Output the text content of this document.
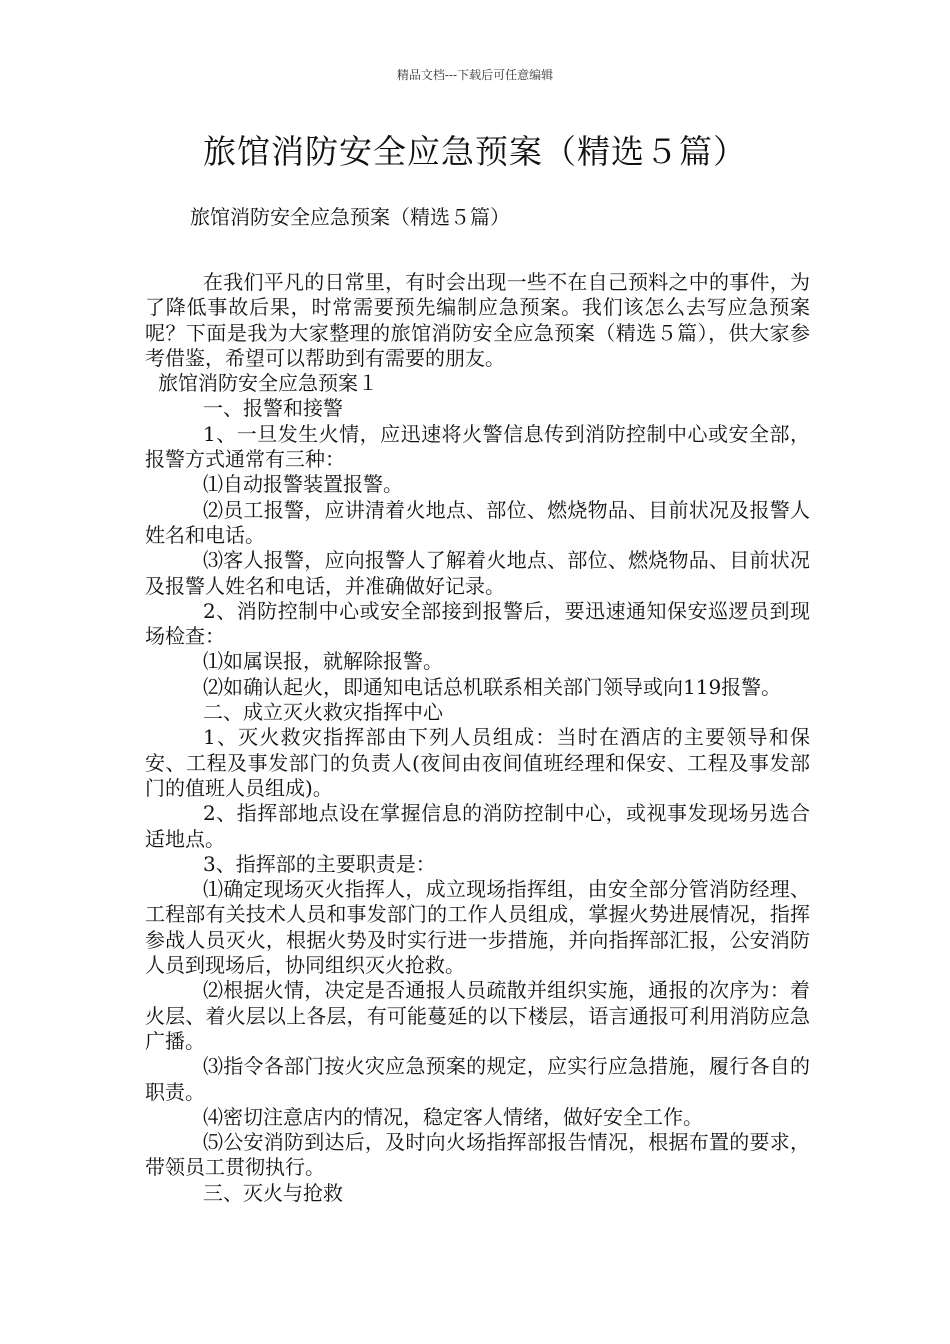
精品文档---下载后可任意编辑
旅馆消防安全应急预案（精选５篇）
旅馆消防安全应急预案（精选５篇）

在我们平凡的日常里，有时会出现一些不在自己预料之中的事件，为了降低事故后果，时常需要预先编制应急预案。我们该怎么去写应急预案呢？下面是我为大家整理的旅馆消防安全应急预案（精选５篇），供大家参考借鉴，希望可以帮助到有需要的朋友。

旅馆消防安全应急预案１

一、报警和接警

1、一旦发生火情，应迅速将火警信息传到消防控制中心或安全部，报警方式通常有三种：

⑴自动报警装置报警。

⑵员工报警，应讲清着火地点、部位、燃烧物品、目前状况及报警人姓名和电话。

⑶客人报警，应向报警人了解着火地点、部位、燃烧物品、目前状况及报警人姓名和电话，并准确做好记录。

2、消防控制中心或安全部接到报警后，要迅速通知保安巡逻员到现场检查：

⑴如属误报，就解除报警。

⑵如确认起火，即通知电话总机联系相关部门领导或向119报警。

二、成立灭火救灾指挥中心

1、灭火救灾指挥部由下列人员组成：当时在酒店的主要领导和保安、工程及事发部门的负责人(夜间由夜间值班经理和保安、工程及事发部门的值班人员组成)。

2、指挥部地点设在掌握信息的消防控制中心，或视事发现场另选合适地点。

3、指挥部的主要职责是：

⑴确定现场灭火指挥人，成立现场指挥组，由安全部分管消防经理、工程部有关技术人员和事发部门的工作人员组成，掌握火势进展情况，指挥参战人员灭火，根据火势及时实行进一步措施，并向指挥部汇报，公安消防人员到现场后，协同组织灭火抢救。

⑵根据火情，决定是否通报人员疏散并组织实施，通报的次序为：着火层、着火层以上各层，有可能蔓延的以下楼层，语言通报可利用消防应急广播。

⑶指令各部门按火灾应急预案的规定，应实行应急措施，履行各自的职责。

⑷密切注意店内的情况，稳定客人情绪，做好安全工作。

⑸公安消防到达后，及时向火场指挥部报告情况，根据布置的要求，带领员工贯彻执行。

三、灭火与抢救
